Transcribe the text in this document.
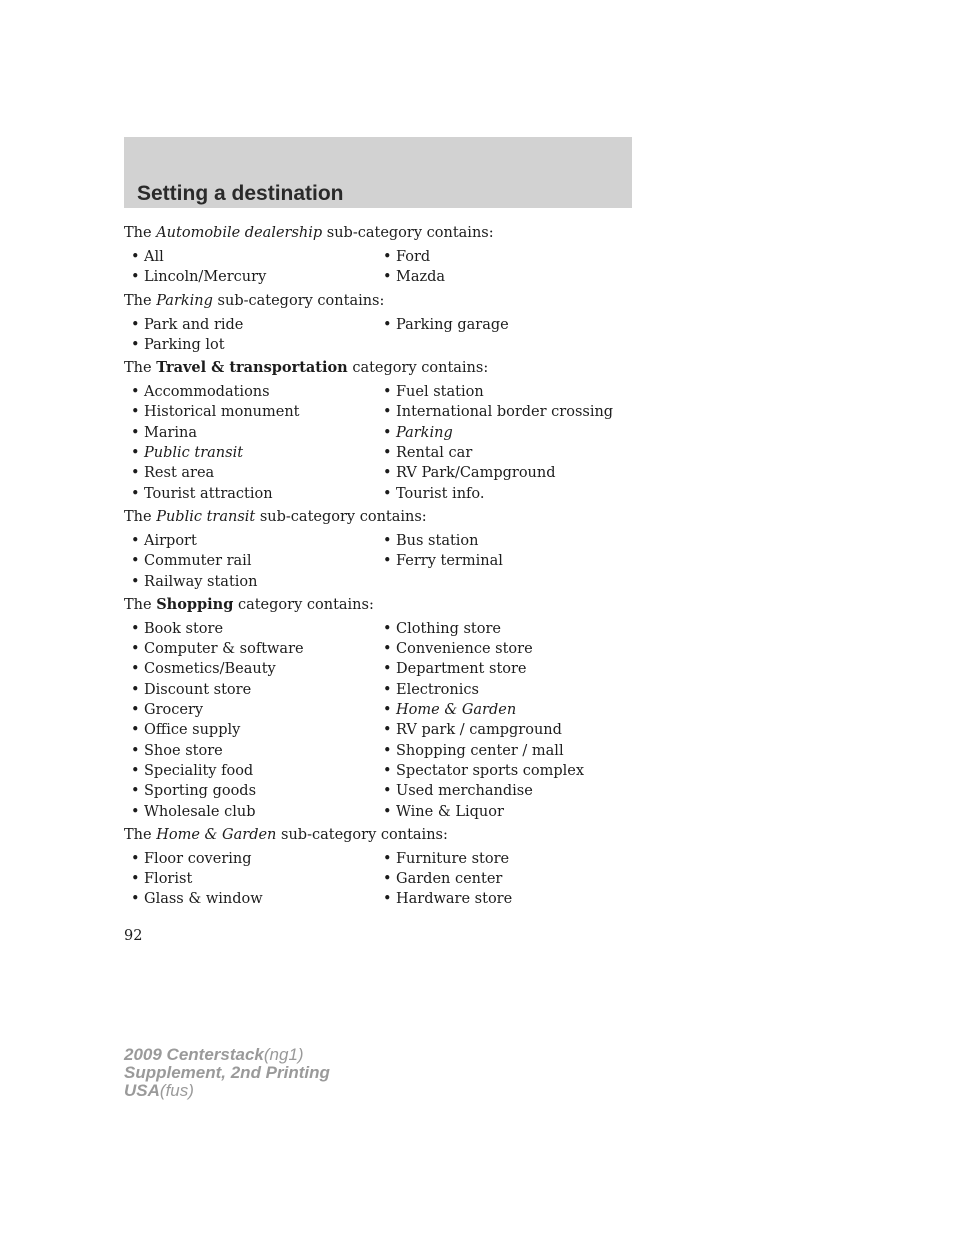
Setting a destination
The Automobile dealership sub-category contains:
• All	• Ford
• Lincoln/Mercury	• Mazda
The Parking sub-category contains:
• Park and ride	• Parking garage
• Parking lot
The Travel & transportation category contains:
• Accommodations	• Fuel station
• Historical monument	• International border crossing
• Marina	• Parking
• Public transit	• Rental car
• Rest area	• RV Park/Campground
• Tourist attraction	• Tourist info.
The Public transit sub-category contains:
• Airport	• Bus station
• Commuter rail	• Ferry terminal
• Railway station
The Shopping category contains:
• Book store	• Clothing store
• Computer & software	• Convenience store
• Cosmetics/Beauty	• Department store
• Discount store	• Electronics
• Grocery	• Home & Garden
• Office supply	• RV park / campground
• Shoe store	• Shopping center / mall
• Speciality food	• Spectator sports complex
• Sporting goods	• Used merchandise
• Wholesale club	• Wine & Liquor
The Home & Garden sub-category contains:
• Floor covering	• Furniture store
• Florist	• Garden center
• Glass & window	• Hardware store
92
2009 Centerstack(ng1)
Supplement, 2nd Printing
USA(fus)
